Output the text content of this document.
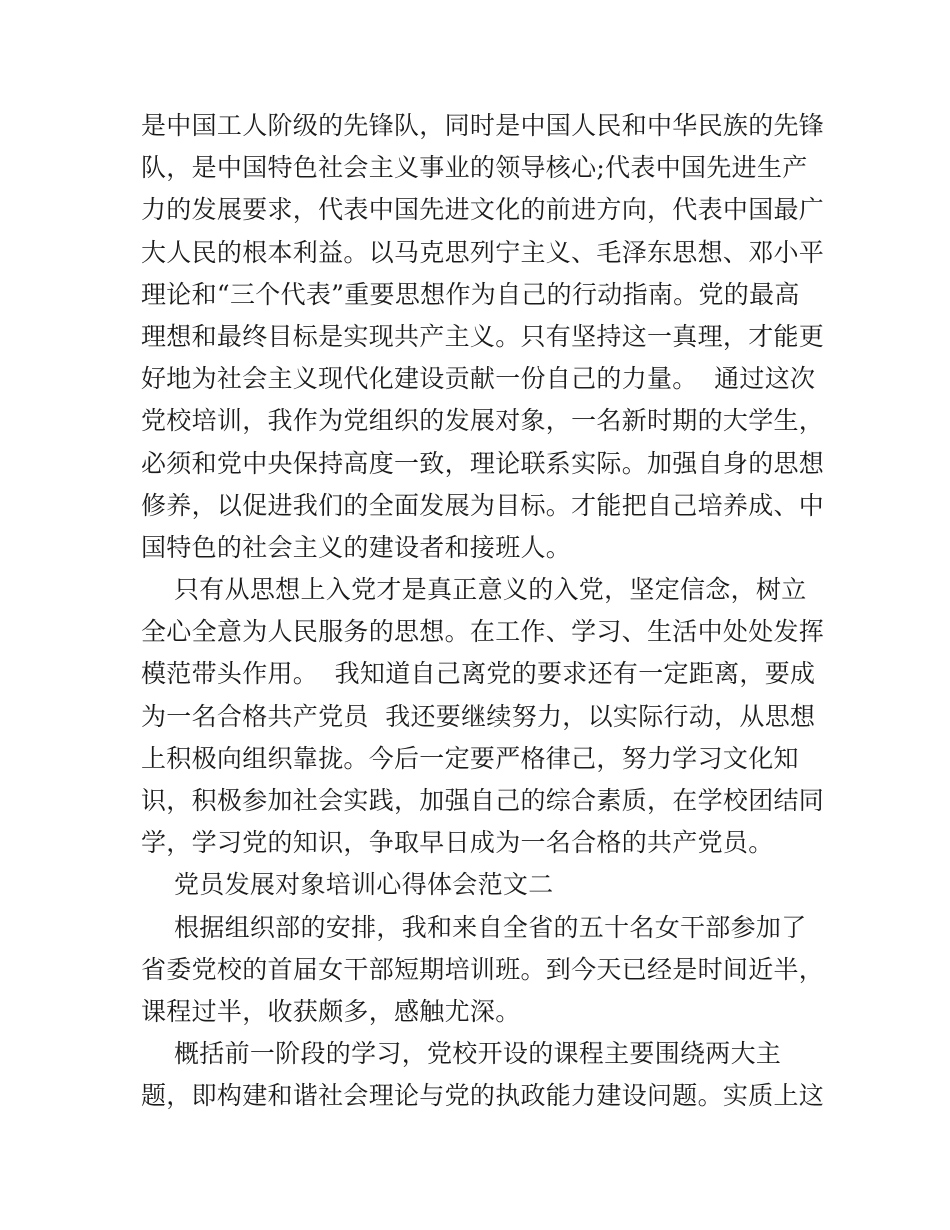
是中国工人阶级的先锋队，同时是中国人民和中华民族的先锋
队，是中国特色社会主义事业的领导核心;代表中国先进生产
力的发展要求，代表中国先进文化的前进方向，代表中国最广
大人民的根本利益。以马克思列宁主义、毛泽东思想、邓小平
理论和“三个代表”重要思想作为自己的行动指南。党的最高
理想和最终目标是实现共产主义。只有坚持这一真理，才能更
好地为社会主义现代化建设贡献一份自己的力量。  通过这次
党校培训，我作为党组织的发展对象，一名新时期的大学生，
必须和党中央保持高度一致，理论联系实际。加强自身的思想
修养，以促进我们的全面发展为目标。才能把自己培养成、中
国特色的社会主义的建设者和接班人。
只有从思想上入党才是真正意义的入党，坚定信念，树立
全心全意为人民服务的思想。在工作、学习、生活中处处发挥
模范带头作用。  我知道自己离党的要求还有一定距离，要成
为一名合格共产党员  我还要继续努力，以实际行动，从思想
上积极向组织靠拢。今后一定要严格律己，努力学习文化知
识，积极参加社会实践，加强自己的综合素质，在学校团结同
学，学习党的知识，争取早日成为一名合格的共产党员。
党员发展对象培训心得体会范文二
根据组织部的安排，我和来自全省的五十名女干部参加了
省委党校的首届女干部短期培训班。到今天已经是时间近半，
课程过半，收获颇多，感触尤深。
概括前一阶段的学习，党校开设的课程主要围绕两大主
题，即构建和谐社会理论与党的执政能力建设问题。实质上这
